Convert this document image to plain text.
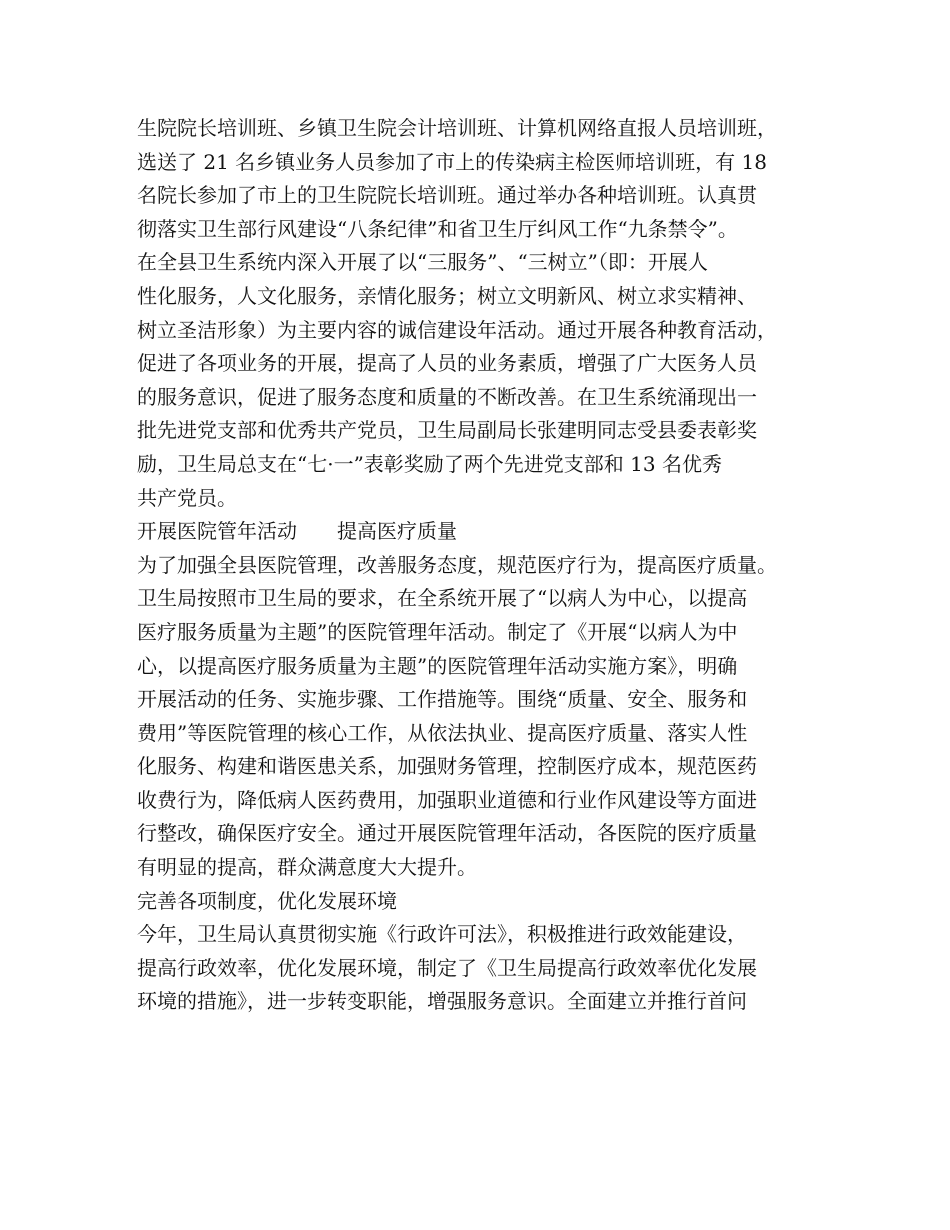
生院院长培训班、乡镇卫生院会计培训班、计算机网络直报人员培训班，
选送了 21 名乡镇业务人员参加了市上的传染病主检医师培训班，有 18
名院长参加了市上的卫生院院长培训班。通过举办各种培训班。认真贯
彻落实卫生部行风建设“八条纪律”和省卫生厅纠风工作“九条禁令”。
在全县卫生系统内深入开展了以“三服务”、“三树立”（即：开展人
性化服务，人文化服务，亲情化服务；树立文明新风、树立求实精神、
树立圣洁形象）为主要内容的诚信建设年活动。通过开展各种教育活动，
促进了各项业务的开展，提高了人员的业务素质，增强了广大医务人员
的服务意识，促进了服务态度和质量的不断改善。在卫生系统涌现出一
批先进党支部和优秀共产党员，卫生局副局长张建明同志受县委表彰奖
励，卫生局总支在“七·一”表彰奖励了两个先进党支部和 13 名优秀
共产党员。
开展医院管年活动　　提高医疗质量
为了加强全县医院管理，改善服务态度，规范医疗行为，提高医疗质量。
卫生局按照市卫生局的要求，在全系统开展了“以病人为中心，以提高
医疗服务质量为主题”的医院管理年活动。制定了《开展“以病人为中
心，以提高医疗服务质量为主题”的医院管理年活动实施方案》，明确
开展活动的任务、实施步骤、工作措施等。围绕“质量、安全、服务和
费用”等医院管理的核心工作，从依法执业、提高医疗质量、落实人性
化服务、构建和谐医患关系，加强财务管理，控制医疗成本，规范医药
收费行为，降低病人医药费用，加强职业道德和行业作风建设等方面进
行整改，确保医疗安全。通过开展医院管理年活动，各医院的医疗质量
有明显的提高，群众满意度大大提升。
完善各项制度，优化发展环境
今年，卫生局认真贯彻实施《行政许可法》，积极推进行政效能建设，
提高行政效率，优化发展环境，制定了《卫生局提高行政效率优化发展
环境的措施》，进一步转变职能，增强服务意识。全面建立并推行首问
